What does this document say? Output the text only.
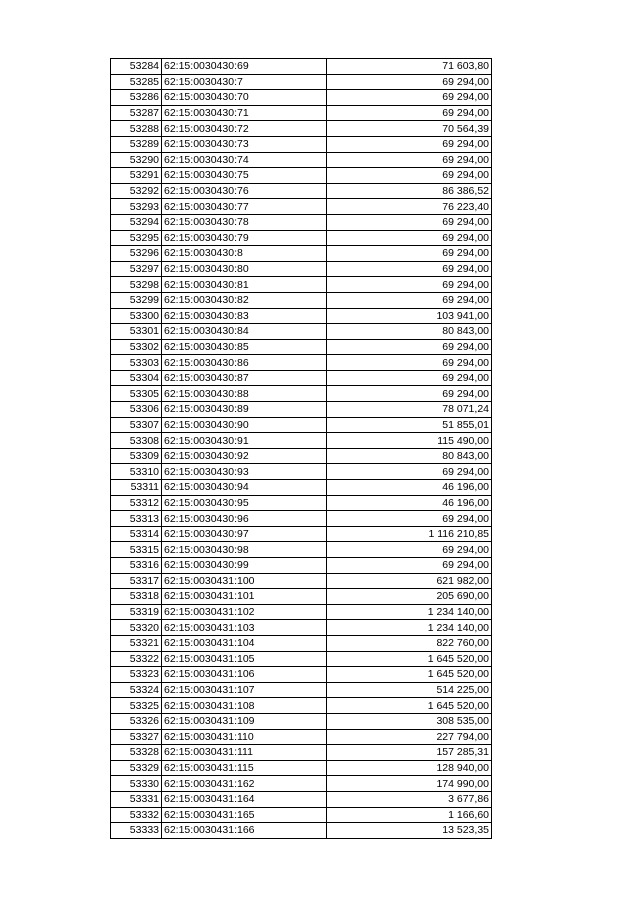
53284	62:15:0030430:69	71 603,80
53285	62:15:0030430:7	69 294,00
53286	62:15:0030430:70	69 294,00
53287	62:15:0030430:71	69 294,00
53288	62:15:0030430:72	70 564,39
53289	62:15:0030430:73	69 294,00
53290	62:15:0030430:74	69 294,00
53291	62:15:0030430:75	69 294,00
53292	62:15:0030430:76	86 386,52
53293	62:15:0030430:77	76 223,40
53294	62:15:0030430:78	69 294,00
53295	62:15:0030430:79	69 294,00
53296	62:15:0030430:8	69 294,00
53297	62:15:0030430:80	69 294,00
53298	62:15:0030430:81	69 294,00
53299	62:15:0030430:82	69 294,00
53300	62:15:0030430:83	103 941,00
53301	62:15:0030430:84	80 843,00
53302	62:15:0030430:85	69 294,00
53303	62:15:0030430:86	69 294,00
53304	62:15:0030430:87	69 294,00
53305	62:15:0030430:88	69 294,00
53306	62:15:0030430:89	78 071,24
53307	62:15:0030430:90	51 855,01
53308	62:15:0030430:91	115 490,00
53309	62:15:0030430:92	80 843,00
53310	62:15:0030430:93	69 294,00
53311	62:15:0030430:94	46 196,00
53312	62:15:0030430:95	46 196,00
53313	62:15:0030430:96	69 294,00
53314	62:15:0030430:97	1 116 210,85
53315	62:15:0030430:98	69 294,00
53316	62:15:0030430:99	69 294,00
53317	62:15:0030431:100	621 982,00
53318	62:15:0030431:101	205 690,00
53319	62:15:0030431:102	1 234 140,00
53320	62:15:0030431:103	1 234 140,00
53321	62:15:0030431:104	822 760,00
53322	62:15:0030431:105	1 645 520,00
53323	62:15:0030431:106	1 645 520,00
53324	62:15:0030431:107	514 225,00
53325	62:15:0030431:108	1 645 520,00
53326	62:15:0030431:109	308 535,00
53327	62:15:0030431:110	227 794,00
53328	62:15:0030431:111	157 285,31
53329	62:15:0030431:115	128 940,00
53330	62:15:0030431:162	174 990,00
53331	62:15:0030431:164	3 677,86
53332	62:15:0030431:165	1 166,60
53333	62:15:0030431:166	13 523,35
